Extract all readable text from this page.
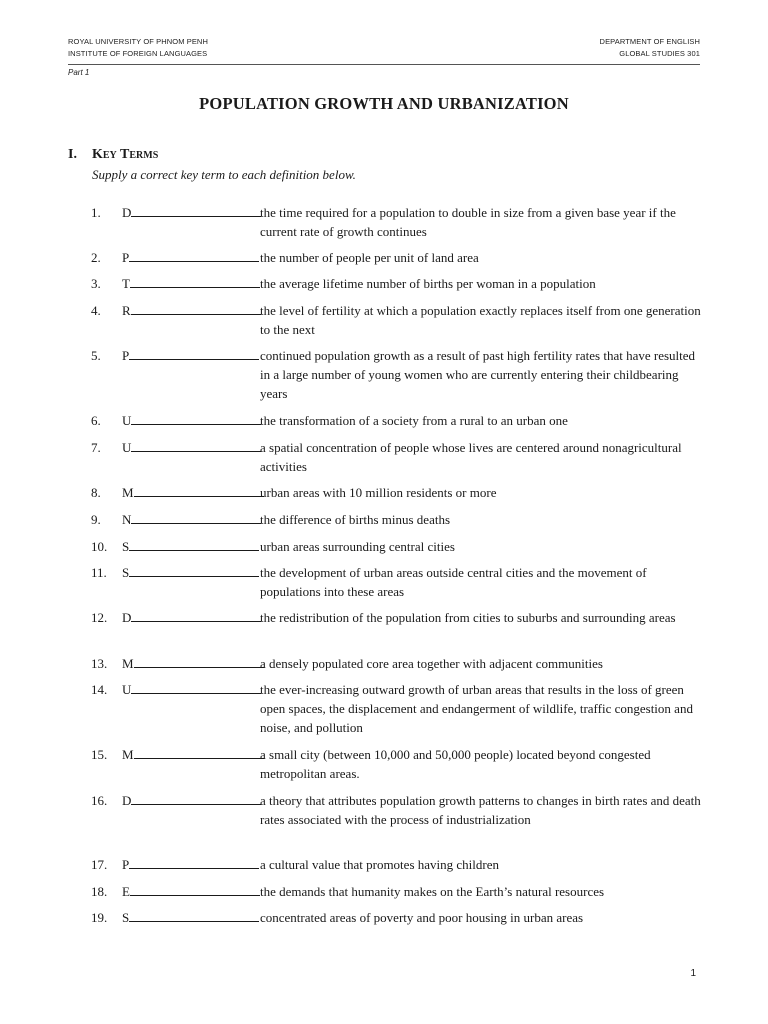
ROYAL UNIVERSITY OF PHNOM PENH
INSTITUTE OF FOREIGN LANGUAGES
DEPARTMENT OF ENGLISH
GLOBAL STUDIES 301
Part 1
POPULATION GROWTH AND URBANIZATION
I. Key Terms
Supply a correct key term to each definition below.
1. D	the time required for a population to double in size from a given base year if the current rate of growth continues
2. P	the number of people per unit of land area
3. T	the average lifetime number of births per woman in a population
4. R	the level of fertility at which a population exactly replaces itself from one generation to the next
5. P	continued population growth as a result of past high fertility rates that have resulted in a large number of young women who are currently entering their childbearing years
6. U	the transformation of a society from a rural to an urban one
7. U	a spatial concentration of people whose lives are centered around nonagricultural activities
8. M	urban areas with 10 million residents or more
9. N	the difference of births minus deaths
10. S	urban areas surrounding central cities
11. S	the development of urban areas outside central cities and the movement of populations into these areas
12. D	the redistribution of the population from cities to suburbs and surrounding areas
13. M	a densely populated core area together with adjacent communities
14. U	the ever-increasing outward growth of urban areas that results in the loss of green open spaces, the displacement and endangerment of wildlife, traffic congestion and noise, and pollution
15. M	a small city (between 10,000 and 50,000 people) located beyond congested metropolitan areas.
16. D	a theory that attributes population growth patterns to changes in birth rates and death rates associated with the process of industrialization
17. P	a cultural value that promotes having children
18. E	the demands that humanity makes on the Earth’s natural resources
19. S	concentrated areas of poverty and poor housing in urban areas
1
